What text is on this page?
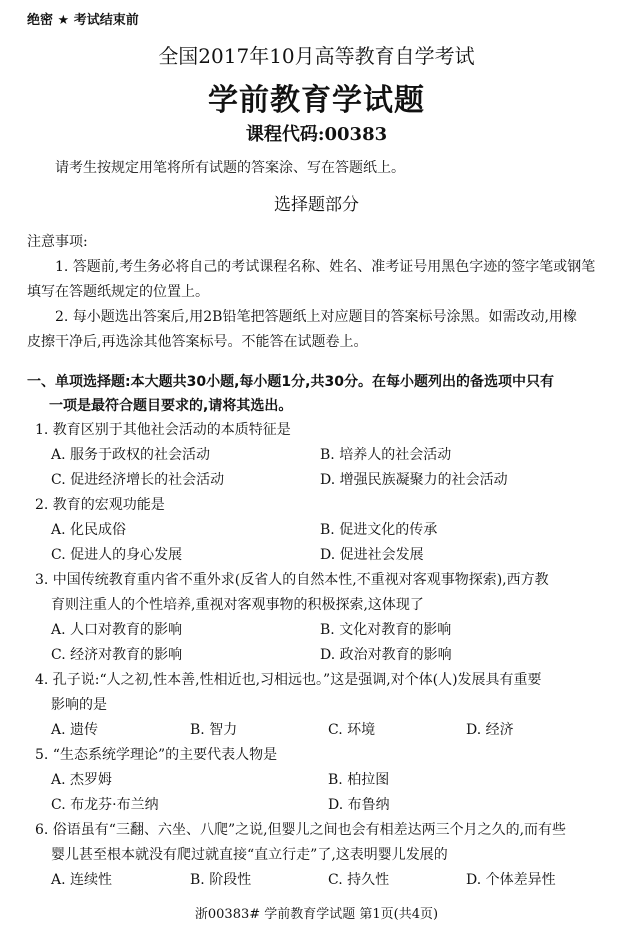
绝密 ★ 考试结束前
全国2017年10月高等教育自学考试
学前教育学试题
课程代码:00383
请考生按规定用笔将所有试题的答案涂、写在答题纸上。
选择题部分
注意事项:
1. 答题前,考生务必将自己的考试课程名称、姓名、准考证号用黑色字迹的签字笔或钢笔
填写在答题纸规定的位置上。
2. 每小题选出答案后,用2B铅笔把答题纸上对应题目的答案标号涂黑。如需改动,用橡
皮擦干净后,再选涂其他答案标号。不能答在试题卷上。
一、单项选择题:本大题共30小题,每小题1分,共30分。在每小题列出的备选项中只有
一项是最符合题目要求的,请将其选出。
1. 教育区别于其他社会活动的本质特征是
A. 服务于政权的社会活动	B. 培养人的社会活动
C. 促进经济增长的社会活动	D. 增强民族凝聚力的社会活动
2. 教育的宏观功能是
A. 化民成俗	B. 促进文化的传承
C. 促进人的身心发展	D. 促进社会发展
3. 中国传统教育重内省不重外求(反省人的自然本性,不重视对客观事物探索),西方教
育则注重人的个性培养,重视对客观事物的积极探索,这体现了
A. 人口对教育的影响	B. 文化对教育的影响
C. 经济对教育的影响	D. 政治对教育的影响
4. 孔子说:“人之初,性本善,性相近也,习相远也。”这是强调,对个体(人)发展具有重要
影响的是
A. 遗传	B. 智力	C. 环境	D. 经济
5. “生态系统学理论”的主要代表人物是
A. 杰罗姆	B. 柏拉图
C. 布龙芬·布兰纳	D. 布鲁纳
6. 俗语虽有“三翻、六坐、八爬”之说,但婴儿之间也会有相差达两三个月之久的,而有些
婴儿甚至根本就没有爬过就直接“直立行走”了,这表明婴儿发展的
A. 连续性	B. 阶段性	C. 持久性	D. 个体差异性
浙00383# 学前教育学试题 第1页(共4页)
